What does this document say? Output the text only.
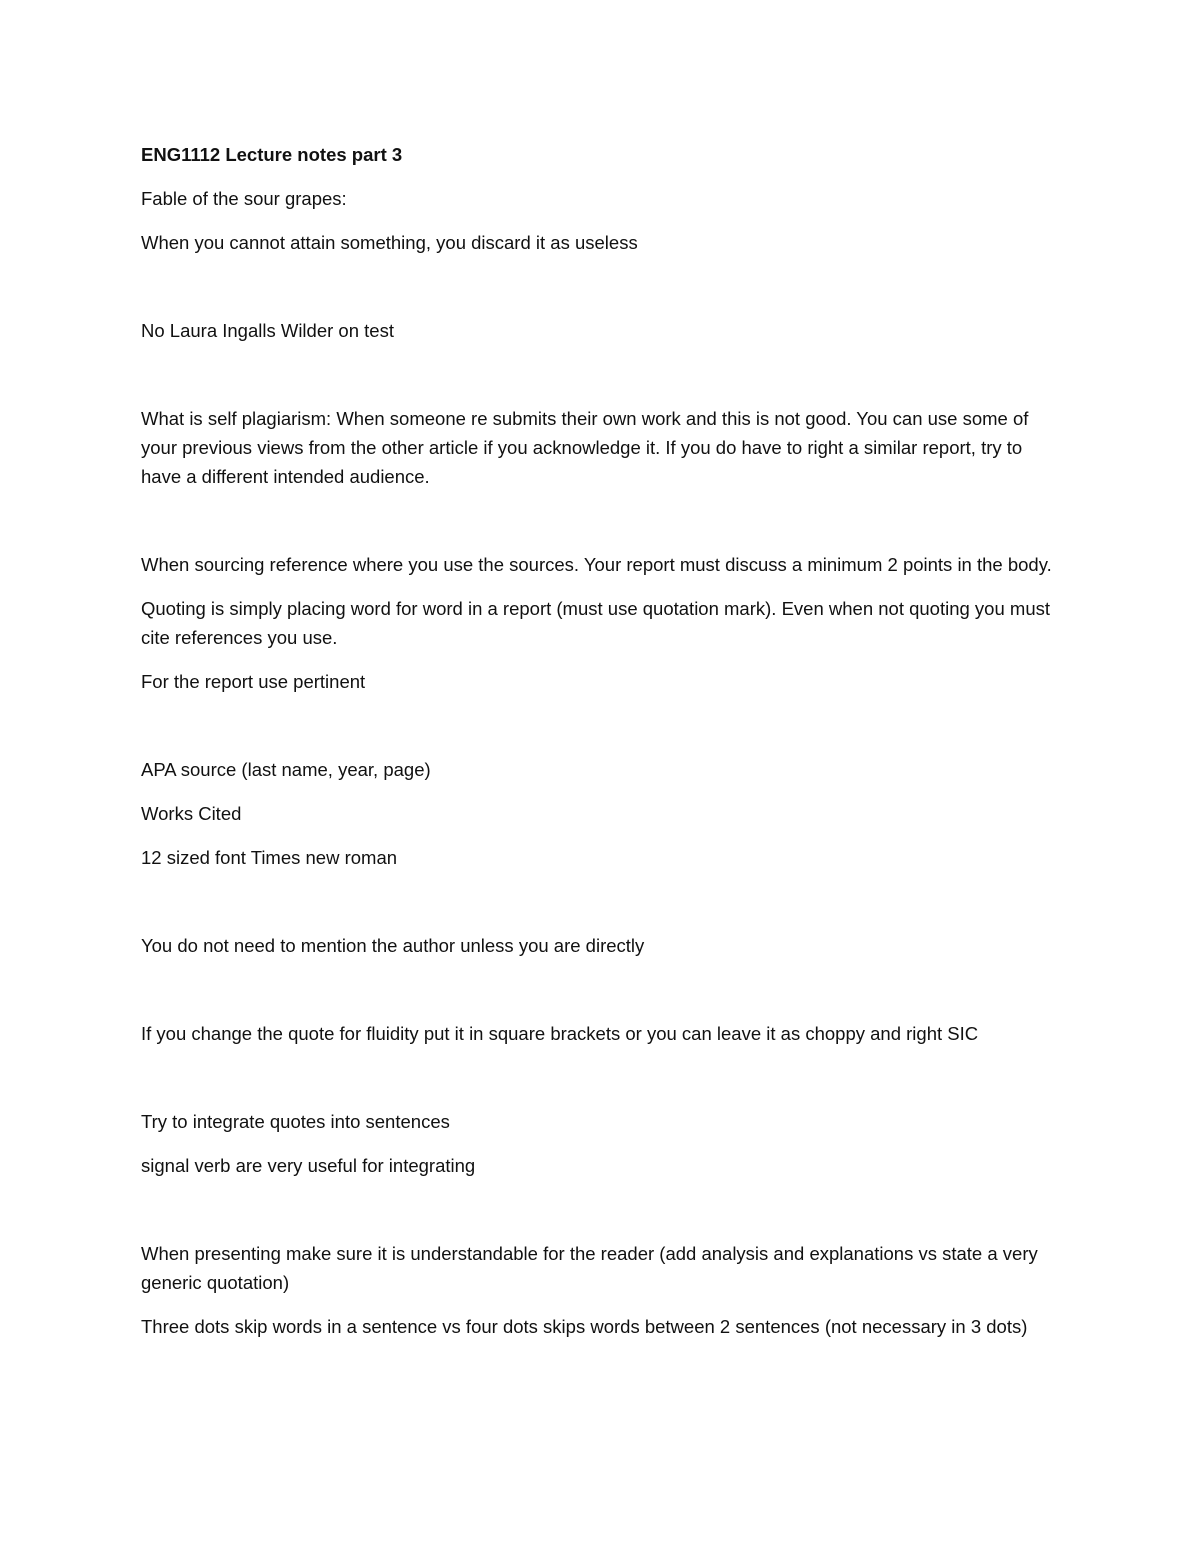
ENG1112 Lecture notes part 3

Fable of the sour grapes:

When you cannot attain something, you discard it as useless

No Laura Ingalls Wilder on test

What is self plagiarism: When someone re submits their own work and this is not good. You can use some of your previous views from the other article if you acknowledge it. If you do have to right a similar report, try to have a different intended audience.

When sourcing reference where you use the sources. Your report must discuss a minimum 2 points in the body.

Quoting is simply placing word for word in a report (must use quotation mark). Even when not quoting you must cite references you use.

For the report use pertinent

APA source (last name, year, page)

Works Cited

12 sized font Times new roman

You do not need to mention the author unless you are directly

If you change the quote for fluidity put it in square brackets or you can leave it as choppy and right SIC

Try to integrate quotes into sentences

signal verb are very useful for integrating

When presenting make sure it is understandable for the reader (add analysis and explanations vs state a very generic quotation)

Three dots skip words in a sentence vs four dots skips words between 2 sentences (not necessary in 3 dots)
